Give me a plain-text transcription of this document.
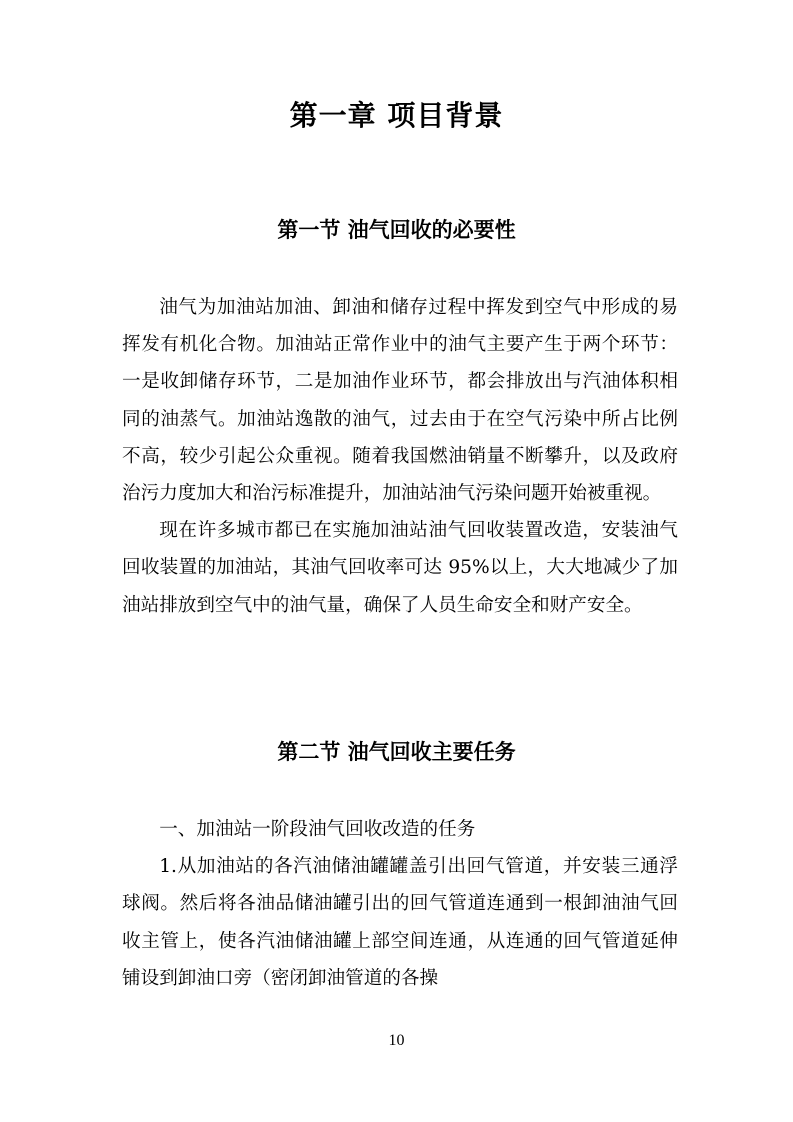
第一章 项目背景
第一节 油气回收的必要性

油气为加油站加油、卸油和储存过程中挥发到空气中形成的易挥发有机化合物。加油站正常作业中的油气主要产生于两个环节：一是收卸储存环节，二是加油作业环节，都会排放出与汽油体积相同的油蒸气。加油站逸散的油气，过去由于在空气污染中所占比例不高，较少引起公众重视。随着我国燃油销量不断攀升，以及政府治污力度加大和治污标准提升，加油站油气污染问题开始被重视。

现在许多城市都已在实施加油站油气回收装置改造，安装油气回收装置的加油站，其油气回收率可达 95%以上，大大地减少了加油站排放到空气中的油气量，确保了人员生命安全和财产安全。

第二节 油气回收主要任务

一、加油站一阶段油气回收改造的任务

1.从加油站的各汽油储油罐罐盖引出回气管道，并安装三通浮球阀。然后将各油品储油罐引出的回气管道连通到一根卸油油气回收主管上，使各汽油储油罐上部空间连通，从连通的回气管道延伸铺设到卸油口旁（密闭卸油管道的各操

10
